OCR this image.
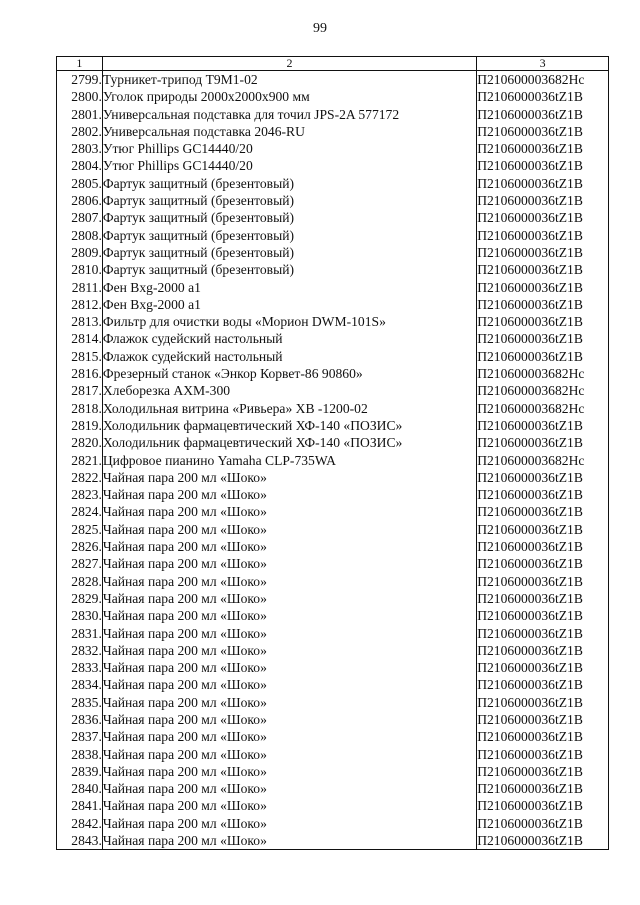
99
1	2	3
2799.	Турникет-трипод Т9М1-02	П210600003682Нс
2800.	Уголок природы 2000х2000х900 мм	П2106000036tZ1B
2801.	Универсальная подставка для точил JPS-2A 577172	П2106000036tZ1B
2802.	Универсальная подставка 2046-RU	П2106000036tZ1B
2803.	Утюг Phillips GC14440/20	П2106000036tZ1B
2804.	Утюг Phillips GC14440/20	П2106000036tZ1B
2805.	Фартук защитный (брезентовый)	П2106000036tZ1B
2806.	Фартук защитный (брезентовый)	П2106000036tZ1B
2807.	Фартук защитный (брезентовый)	П2106000036tZ1B
2808.	Фартук защитный (брезентовый)	П2106000036tZ1B
2809.	Фартук защитный (брезентовый)	П2106000036tZ1B
2810.	Фартук защитный (брезентовый)	П2106000036tZ1B
2811.	Фен Bxg-2000 a1	П2106000036tZ1B
2812.	Фен Bxg-2000 a1	П2106000036tZ1B
2813.	Фильтр для очистки воды «Морион DWM-101S»	П2106000036tZ1B
2814.	Флажок судейский настольный	П2106000036tZ1B
2815.	Флажок судейский настольный	П2106000036tZ1B
2816.	Фрезерный станок «Энкор Корвет-86 90860»	П210600003682Нс
2817.	Хлеборезка АХМ-300	П210600003682Нс
2818.	Холодильная витрина «Ривьера» ХВ -1200-02	П210600003682Нс
2819.	Холодильник фармацевтический ХФ-140 «ПОЗИС»	П2106000036tZ1B
2820.	Холодильник фармацевтический ХФ-140 «ПОЗИС»	П2106000036tZ1B
2821.	Цифровое пианино Yamaha CLP-735WA	П210600003682Нс
2822.	Чайная пара 200 мл «Шоко»	П2106000036tZ1B
2823.	Чайная пара 200 мл «Шоко»	П2106000036tZ1B
2824.	Чайная пара 200 мл «Шоко»	П2106000036tZ1B
2825.	Чайная пара 200 мл «Шоко»	П2106000036tZ1B
2826.	Чайная пара 200 мл «Шоко»	П2106000036tZ1B
2827.	Чайная пара 200 мл «Шоко»	П2106000036tZ1B
2828.	Чайная пара 200 мл «Шоко»	П2106000036tZ1B
2829.	Чайная пара 200 мл «Шоко»	П2106000036tZ1B
2830.	Чайная пара 200 мл «Шоко»	П2106000036tZ1B
2831.	Чайная пара 200 мл «Шоко»	П2106000036tZ1B
2832.	Чайная пара 200 мл «Шоко»	П2106000036tZ1B
2833.	Чайная пара 200 мл «Шоко»	П2106000036tZ1B
2834.	Чайная пара 200 мл «Шоко»	П2106000036tZ1B
2835.	Чайная пара 200 мл «Шоко»	П2106000036tZ1B
2836.	Чайная пара 200 мл «Шоко»	П2106000036tZ1B
2837.	Чайная пара 200 мл «Шоко»	П2106000036tZ1B
2838.	Чайная пара 200 мл «Шоко»	П2106000036tZ1B
2839.	Чайная пара 200 мл «Шоко»	П2106000036tZ1B
2840.	Чайная пара 200 мл «Шоко»	П2106000036tZ1B
2841.	Чайная пара 200 мл «Шоко»	П2106000036tZ1B
2842.	Чайная пара 200 мл «Шоко»	П2106000036tZ1B
2843.	Чайная пара 200 мл «Шоко»	П2106000036tZ1B
